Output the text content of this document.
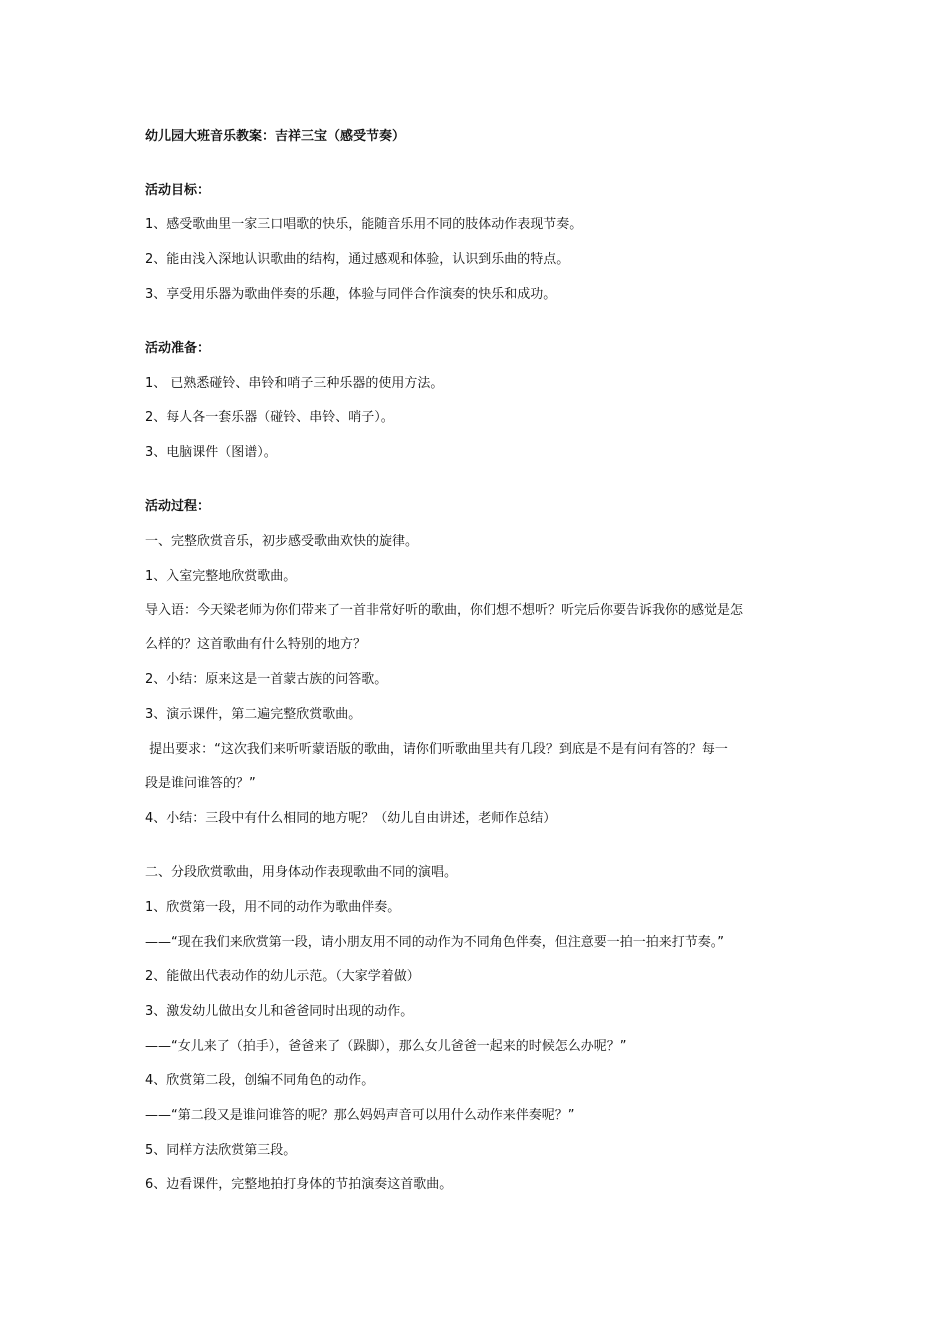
幼儿园大班音乐教案：吉祥三宝（感受节奏）
活动目标：
1、感受歌曲里一家三口唱歌的快乐，能随音乐用不同的肢体动作表现节奏。
2、能由浅入深地认识歌曲的结构，通过感观和体验，认识到乐曲的特点。
3、享受用乐器为歌曲伴奏的乐趣，体验与同伴合作演奏的快乐和成功。
活动准备：
1、 已熟悉碰铃、串铃和哨子三种乐器的使用方法。
2、每人各一套乐器（碰铃、串铃、哨子）。
3、电脑课件（图谱）。
活动过程：
一、完整欣赏音乐，初步感受歌曲欢快的旋律。
1、入室完整地欣赏歌曲。
导入语：今天梁老师为你们带来了一首非常好听的歌曲，你们想不想听？听完后你要告诉我你的感觉是怎
么样的？这首歌曲有什么特别的地方？
2、小结：原来这是一首蒙古族的问答歌。
3、演示课件，第二遍完整欣赏歌曲。
提出要求：“这次我们来听听蒙语版的歌曲，请你们听歌曲里共有几段？到底是不是有问有答的？每一
段是谁问谁答的？”
4、小结：三段中有什么相同的地方呢？（幼儿自由讲述，老师作总结）
二、分段欣赏歌曲，用身体动作表现歌曲不同的演唱。
1、欣赏第一段，用不同的动作为歌曲伴奏。
——“现在我们来欣赏第一段，请小朋友用不同的动作为不同角色伴奏，但注意要一拍一拍来打节奏。”
2、能做出代表动作的幼儿示范。（大家学着做）
3、激发幼儿做出女儿和爸爸同时出现的动作。
——“女儿来了（拍手），爸爸来了（跺脚），那么女儿爸爸一起来的时候怎么办呢？”
4、欣赏第二段，创编不同角色的动作。
——“第二段又是谁问谁答的呢？那么妈妈声音可以用什么动作来伴奏呢？”
5、同样方法欣赏第三段。
6、边看课件，完整地拍打身体的节拍演奏这首歌曲。
